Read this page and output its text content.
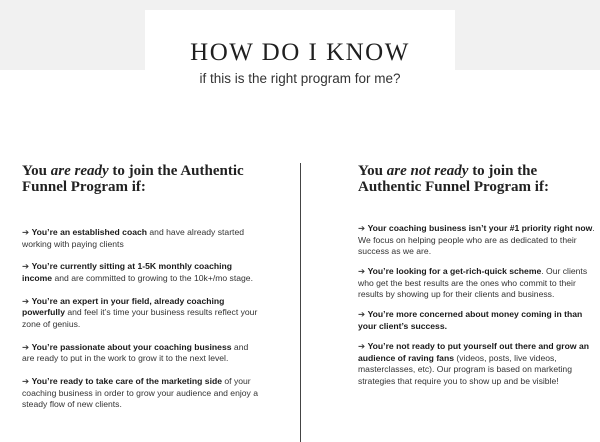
HOW DO I KNOW
if this is the right program for me?
You are ready to join the Authentic Funnel Program if:
➔ You’re an established coach and have already started working with paying clients
➔ You’re currently sitting at 1-5K monthly coaching income and are committed to growing to the 10k+/mo stage.
➔ You’re an expert in your field, already coaching powerfully and feel it’s time your business results reflect your zone of genius.
➔ You’re passionate about your coaching business and are ready to put in the work to grow it to the next level.
➔ You’re ready to take care of the marketing side of your coaching business in order to grow your audience and enjoy a steady flow of new clients.
You are not ready to join the Authentic Funnel Program if:
➔ Your coaching business isn’t your #1 priority right now. We focus on helping people who are as dedicated to their success as we are.
➔ You’re looking for a get-rich-quick scheme. Our clients who get the best results are the ones who commit to their results by showing up for their clients and business.
➔ You’re more concerned about money coming in than your client’s success.
➔ You’re not ready to put yourself out there and grow an audience of raving fans (videos, posts, live videos, masterclasses, etc). Our program is based on marketing strategies that require you to show up and be visible!
